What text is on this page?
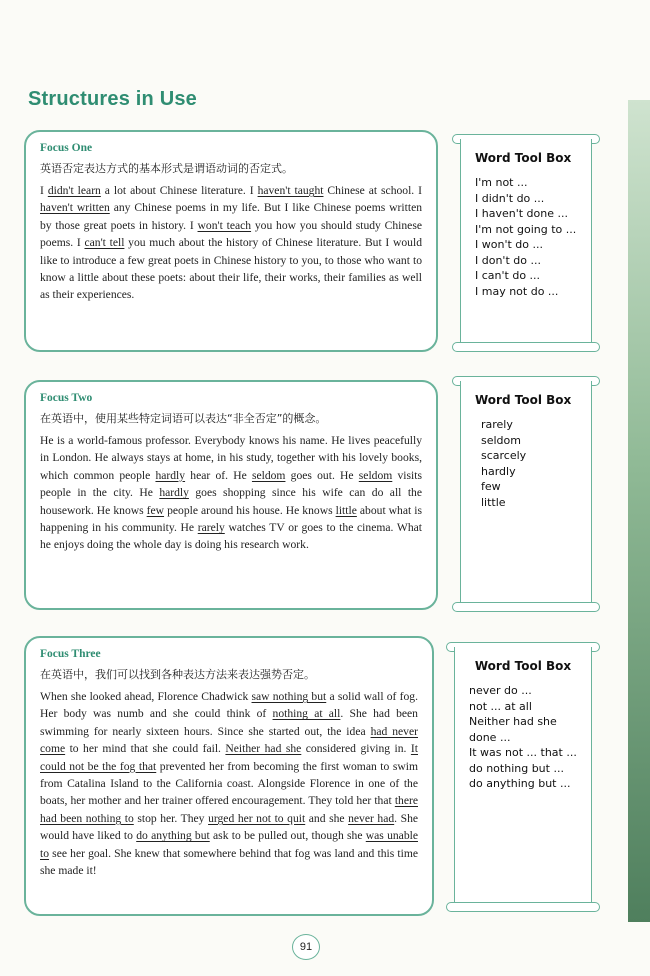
Structures in Use
Focus One
英语否定表达方式的基本形式是谓语动词的否定式。

I didn't learn a lot about Chinese literature. I haven't taught Chinese at school. I haven't written any Chinese poems in my life. But I like Chinese poems written by those great poets in history. I won't teach you how you should study Chinese poems. I can't tell you much about the history of Chinese literature. But I would like to introduce a few great poets in Chinese history to you, to those who want to know a little about these poets: about their life, their works, their families as well as their experiences.

Word Tool Box
I'm not ...
I didn't do ...
I haven't done ...
I'm not going to ...
I won't do ...
I don't do ...
I can't do ...
I may not do ...
Focus Two
在英语中，使用某些特定词语可以表达“非全否定”的概念。

He is a world-famous professor. Everybody knows his name. He lives peacefully in London. He always stays at home, in his study, together with his lovely books, which common people hardly hear of. He seldom goes out. He seldom visits people in the city. He hardly goes shopping since his wife can do all the housework. He knows few people around his house. He knows little about what is happening in his community. He rarely watches TV or goes to the cinema. What he enjoys doing the whole day is doing his research work.

Word Tool Box
rarely
seldom
scarcely
hardly
few
little
Focus Three
在英语中，我们可以找到各种表达方法来表达强势否定。

When she looked ahead, Florence Chadwick saw nothing but a solid wall of fog. Her body was numb and she could think of nothing at all. She had been swimming for nearly sixteen hours. Since she started out, the idea had never come to her mind that she could fail. Neither had she considered giving in. It could not be the fog that prevented her from becoming the first woman to swim from Catalina Island to the California coast. Alongside Florence in one of the boats, her mother and her trainer offered encouragement. They told her that there had been nothing to stop her. They urged her not to quit and she never had. She would have liked to do anything but ask to be pulled out, though she was unable to see her goal. She knew that somewhere behind that fog was land and this time she made it!

Word Tool Box
never do ...
not ... at all
Neither had she done ...
It was not ... that ...
do nothing but ...
do anything but ...
91
